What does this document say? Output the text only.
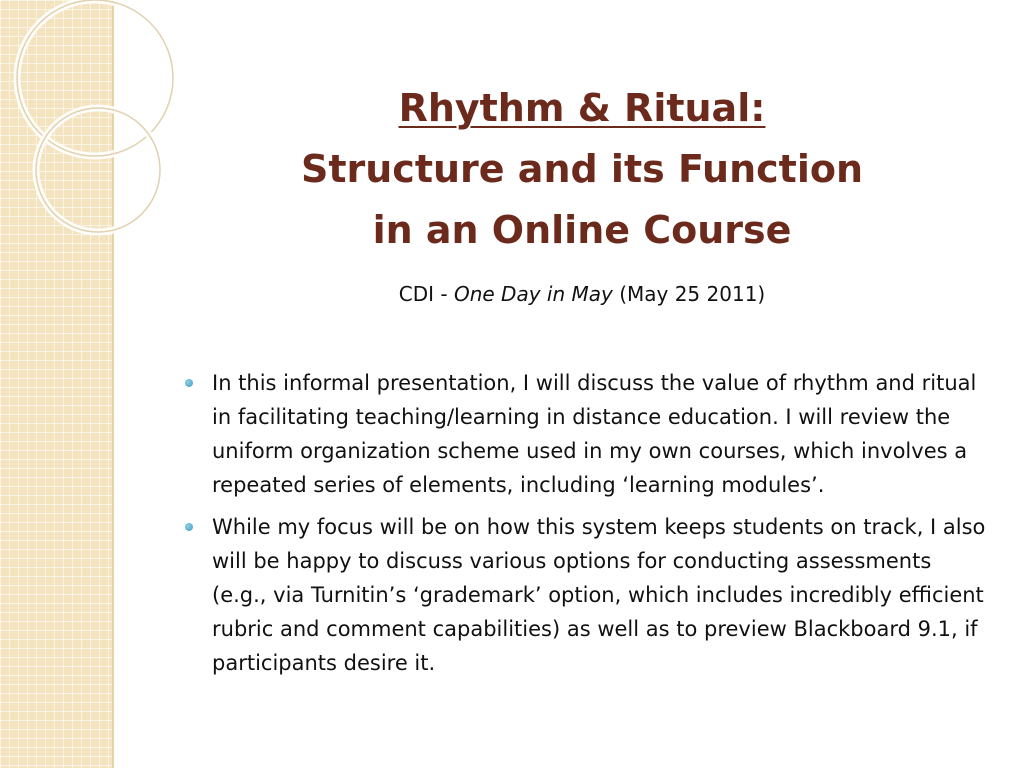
Rhythm & Ritual:
Structure and its Function
in an Online Course
CDI - One Day in May (May 25 2011)
In this informal presentation, I will discuss the value of rhythm and ritual in facilitating teaching/learning in distance education. I will review the uniform organization scheme used in my own courses, which involves a repeated series of elements, including ‘learning modules’.
While my focus will be on how this system keeps students on track, I also will be happy to discuss various options for conducting assessments (e.g., via Turnitin’s ‘grademark’ option, which includes incredibly efficient rubric and comment capabilities) as well as to preview Blackboard 9.1, if participants desire it.
